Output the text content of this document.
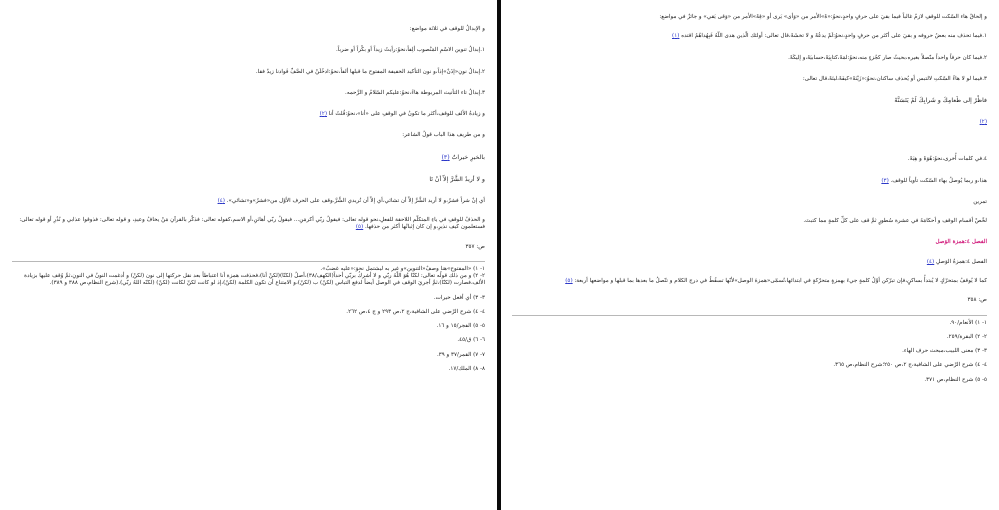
و الإبدالُ للوقف في ثلاثة مواضع:

١.إبدالُ تنوين الاسْمِ المَنْصوب ألِفاً،نحوُ:رأيتُ زيداً أو بكْراً أو ضرباً.

٢.إبدالُ نونِ«إذَنْ»إذاً،و نون التأكيد الخفيفة المفتوح ما قبلها ألفاً،نحوُ:ادخُلَنْ في الصَّفِّ فَوادنا زيدٌ فقا.

٣.إبدالُ تاء التأنيث المربوطة هاءً،نحوُ:عليكم السّلامُ و الرَّحمه.

و زيادةُ الألف للوقف،أكثر ما تكونُ في الوقفِ على «أنا»،نحوُ:قُلتُ أنا (٢)

و من طريف هذا الباب قولُ الشاعر:

بالخيرِ خيراتٌ (٣)

و لا أريدُ الشَّرَّ إلاّ أنْ تَا

أي إنْ شراً فشرٌ،و لا أريد الشَّرَّ إلاّ أن تشائي،أي إلاّ أن تُريدي الشَّرَّ.وقف على الحرف الأوّل من«فشرٌ»و«تشائي». (٤)

و الحذفُ للوقفِ في ياءِ المتكلّم اللاحقة للفعلِ،نحو قوله تعالى: فيقولُ ربّي أكرمَنِ... فيقولُ ربّي أهانَنِ،أو الاسم،كقوله تعالى: فذكّر بالقرآنِ مَنْ يخافُ وعيدِ، و قوله تعالى: فذوقوا عذابي و نُذُرِ أو قوله تعالى: فستعلمون كيف نذيرِ،و إن كان إثباتُها أكثر من حذفها. (٥)

ص: ٣٥٧

١- ١) «المفتوح»هنا وصفٌ«التنوين»و غير به ليشتمل نحوَ:«عليه غضبٌ».

٢- ٢) و من ذلك قولُه تعالى: لكنّا هُوَ اللّهُ ربّي و لا أشركُ بربّي أحداً(الكهف/٣٨)،أصلُ (لكنّا)(لكنْ أنا)،فحذفت همزة أنا اعتباطاً بعد نقل حركتها إلى نون (لكنْ) و أدغمت النونُ في النونِ،ثمَّ وُقف عليها بزيادة الألف،فصارت (لكنّا)،ثمَّ أجريَ الوقف في الوصل أيضاً لدفع التباس (لكنّ) ب (لكنّ)،و الامتناع أن تكون الكلمة (لكنّ)،إذ لو كانت لكنّ لكانت (لكنّ) (لكنّه اللهُ ربّي).(شرح النظام،ص ٣٨٨ و ٣٨٩).

٣- ٣) أي أفعل خيرات.

٤- ٤) شرح الرّضي على الشافية،ج ٢،ص ٢٩٣ و ج ٤،ص ٢٦٢.

٥- ٥) الفجر/١٥ و ١٦.

٦- ٦) ق/٤٥.

٧- ٧) القمر/٣٧ و ٣٩.

٨- ٨) الملك/١٧.

و إلحاقُ هاء السّكت للوقفِ لازمٌ غالباً فيما بقيَ على حرفٍ واحدٍ،نحوُ:«هْ»الأمر من «وَأى» يَرى أو «قِهْ»الأمر من «وَقى يَقي» و جائزٌ في مواضع:

١.فيما تحذف منه بعضُ حروفه و بقيَ على أكثر من حرفٍ واحدٍ،نحوُ:لَمْ يدعُهْ و لا تخشَهْ،قال تعالى: أولئك الّذين هدى اللّهُ فَبِهُداهُمُ اقتده (١)

٢.فيما كان حرفاً واحداً متّصلاً بغيره،بحيثُ صار كجُزءٍ منه،نحوُ:لمَهْ،كتابِيَهْ،حسابيَهْ،و إليكَهْ.

٣.فيما لو لا هاءُ السّكتِ لالتبس أو يُحذف ساكنان،نحوُ:«زَيْنَهْ»كيفَهْ،ليتَهْ،قال تعالى:

فاظْرُ إلى طَعامِكَ و شَرابِكَ لَمْ يَتَسَنَّهْ

(٢)

٤.في كلمات أُخرى،نحوُ:هُوَهْ و هِيَهْ.

هذا،و ربما يُوصلُ بهاء السّكت تأوياً للوقف. (٣)

تمرين

لخّصْ أقسام الوقف و أحكامَهُ في عشرة سُطورٍ ثمَّ قف على كلِّ كلمةٍ مما كتبتَ.

الفصل ٤:همزة الوَصل

الفصل ٤:همزةُ الوَصلِ (٤)

كما لا يُوقفُ بمتحرّكٍ لا يُبتدأُ بساكنٍ،فإن تبرّكن أوّلُ كلمةٍ جيءَ بهمزةٍ متحرّكةٍ في ابتدائها،تُسمّى«همزةَ الوصل»لأنّها تسقُطُ في درج الكلام و تتّصلُ ما بعدها بما قبلها و مواضعها أربعة: (٥)

ص: ٣٥٨

١- ١) الأنعام/٩٠.

٢- ٢) البقرة/٢٥٩.

٣- ٣) معنى اللبيب،مبحث حرف الهاء.

٤- ٤) شرح الرّضي على الشافية،ج ٢،ص ٢٥٠؛شرح النظام،ص ٣٦٥.

٥- ٥) شرح النظام،ص ٣٧١.
